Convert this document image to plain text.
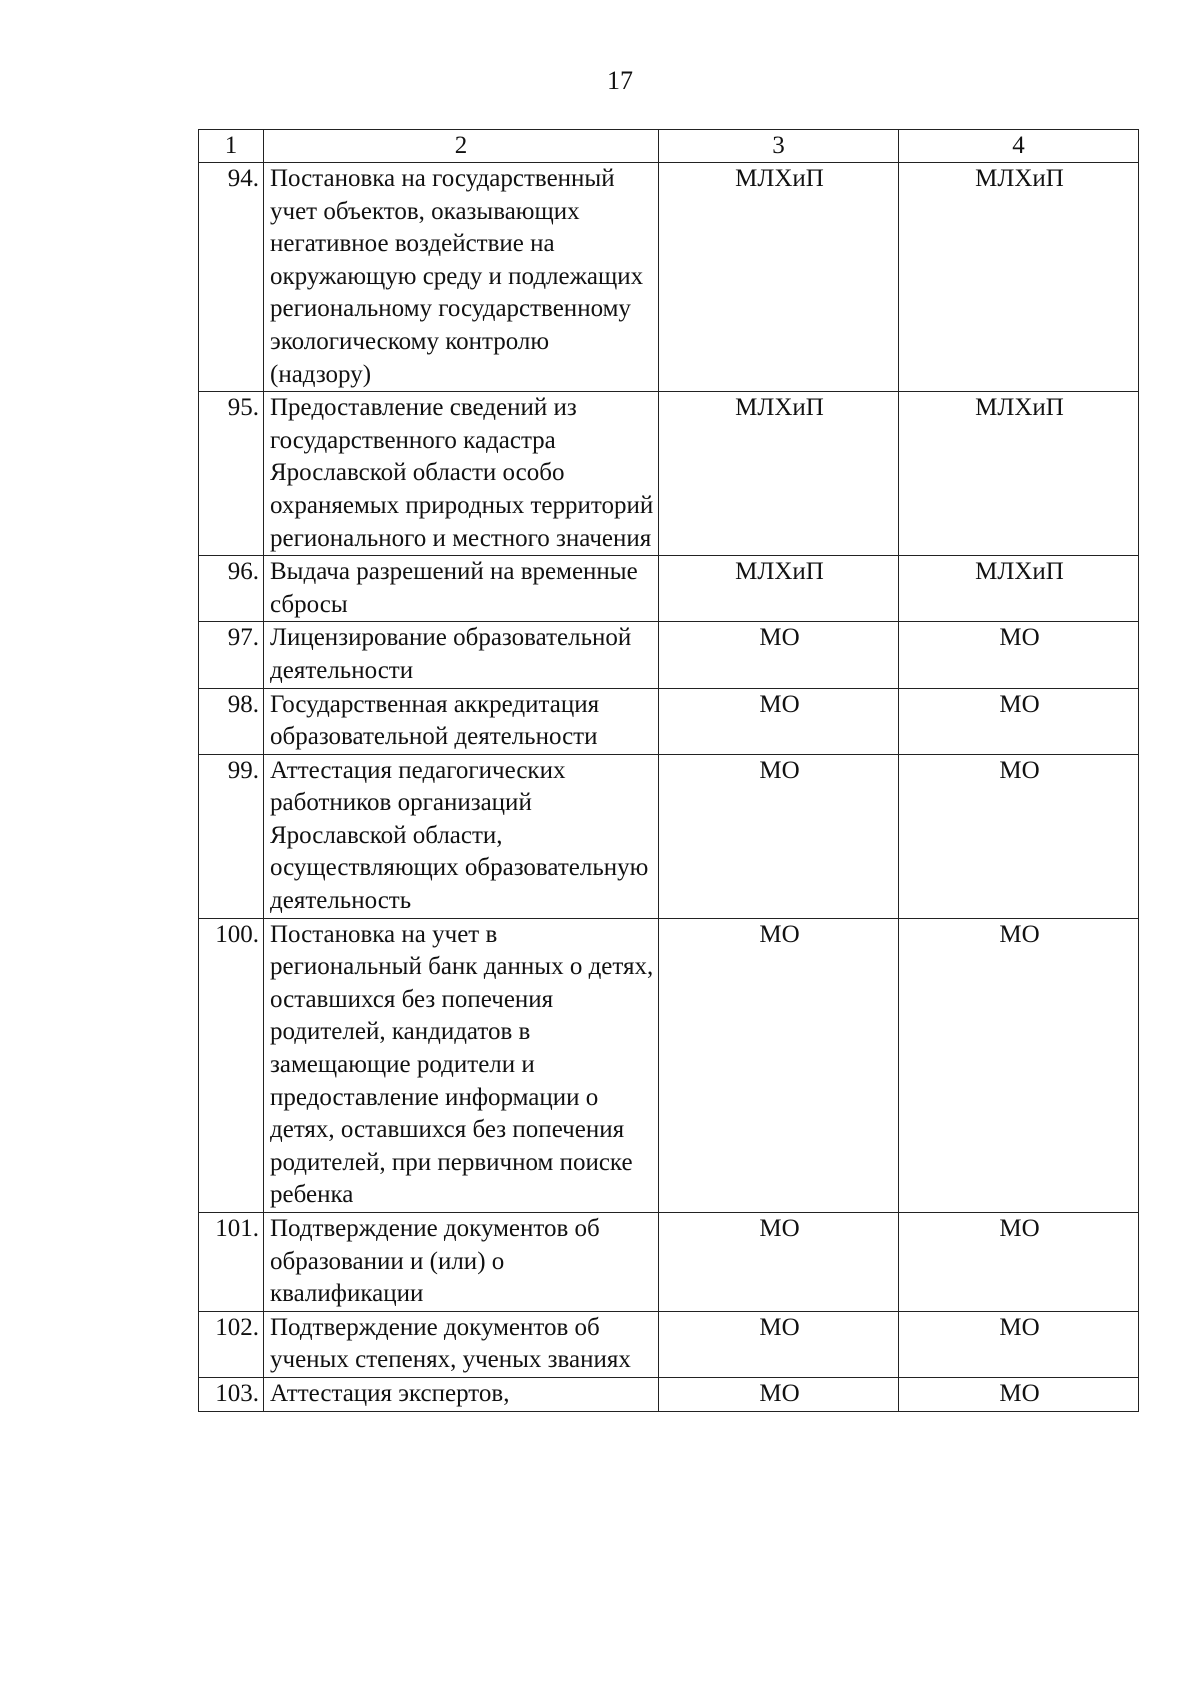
17
1	2	3	4
94.	Постановка на государственный учет объектов, оказывающих негативное воздействие на окружающую среду и подлежащих региональному государственному экологическому контролю (надзору)	МЛХиП	МЛХиП
95.	Предоставление сведений из государственного кадастра Ярославской области особо охраняемых природных территорий регионального и местного значения	МЛХиП	МЛХиП
96.	Выдача разрешений на временные сбросы	МЛХиП	МЛХиП
97.	Лицензирование образовательной деятельности	МО	МО
98.	Государственная аккредитация образовательной деятельности	МО	МО
99.	Аттестация педагогических работников организаций Ярославской области, осуществляющих образовательную деятельность	МО	МО
100.	Постановка на учет в региональный банк данных о детях, оставшихся без попечения родителей, кандидатов в замещающие родители и предоставление информации о детях, оставшихся без попечения родителей, при первичном поиске ребенка	МО	МО
101.	Подтверждение документов об образовании и (или) о квалификации	МО	МО
102.	Подтверждение документов об ученых степенях, ученых званиях	МО	МО
103.	Аттестация экспертов,	МО	МО
